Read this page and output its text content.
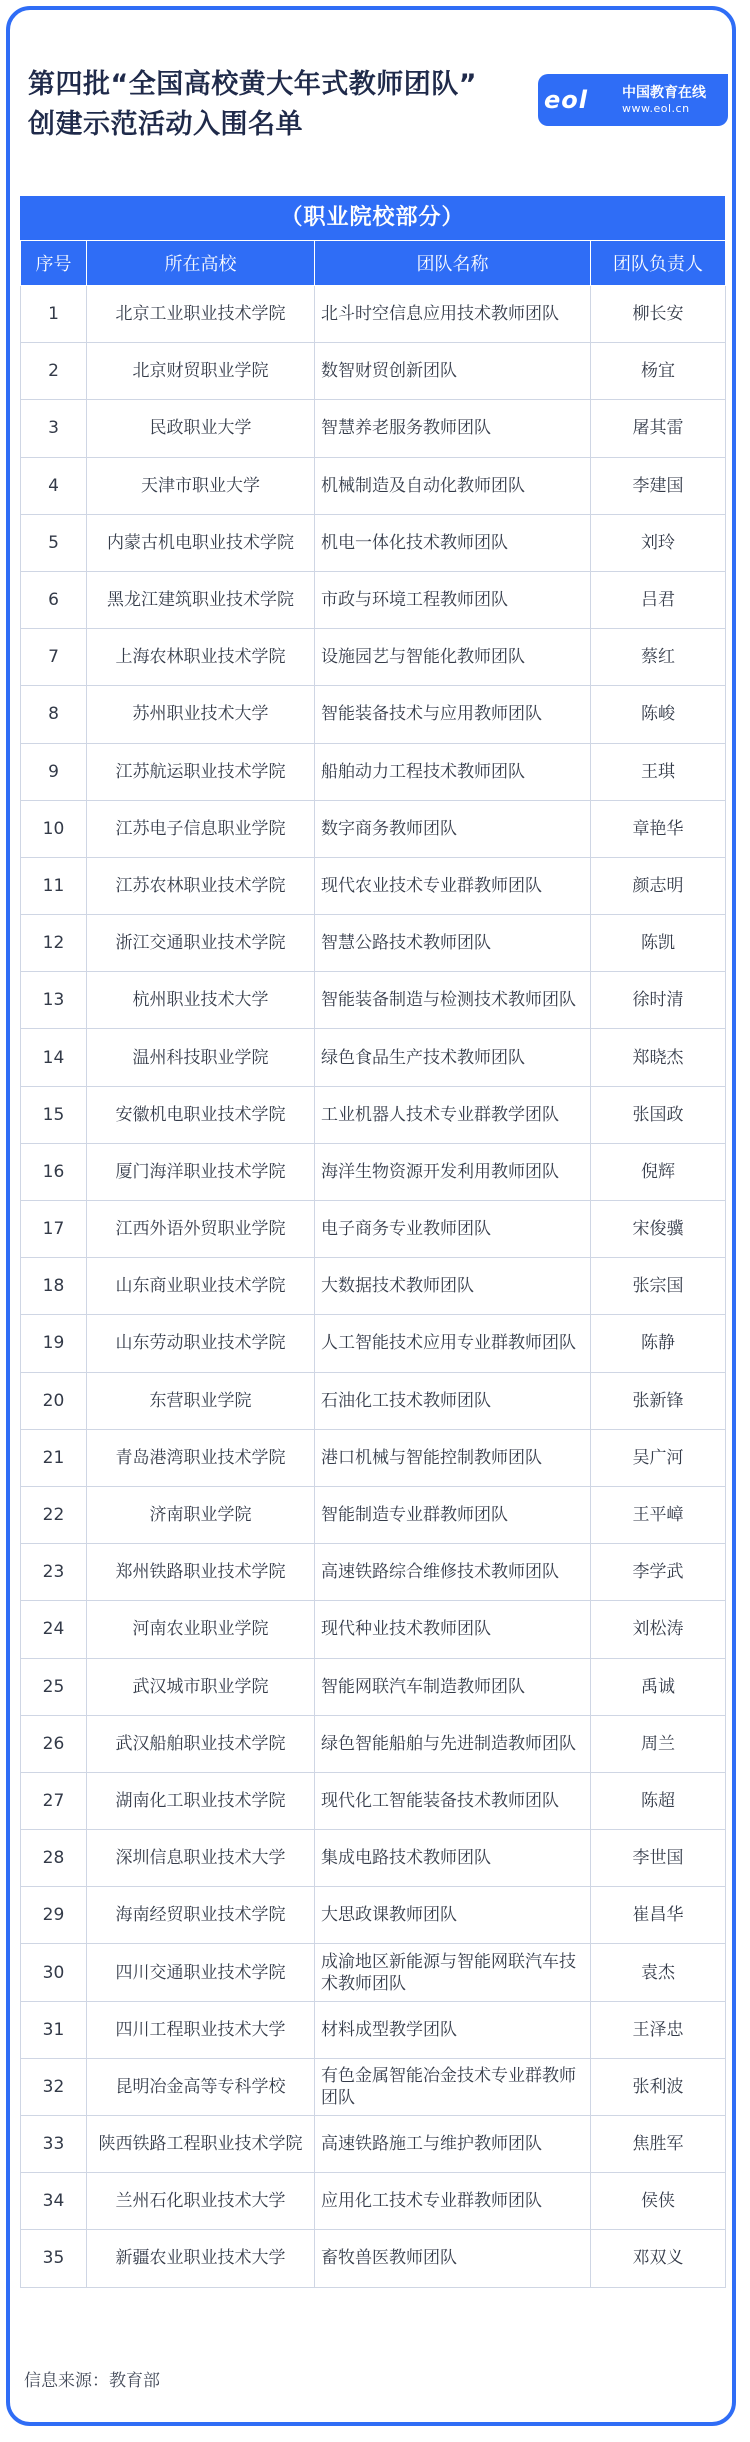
第四批“全国高校黄大年式教师团队”
创建示范活动入围名单
eol	中国教育在线
www.eol.cn
（职业院校部分）
序号	所在高校	团队名称	团队负责人
1	北京工业职业技术学院	北斗时空信息应用技术教师团队	柳长安
2	北京财贸职业学院	数智财贸创新团队	杨宜
3	民政职业大学	智慧养老服务教师团队	屠其雷
4	天津市职业大学	机械制造及自动化教师团队	李建国
5	内蒙古机电职业技术学院	机电一体化技术教师团队	刘玲
6	黑龙江建筑职业技术学院	市政与环境工程教师团队	吕君
7	上海农林职业技术学院	设施园艺与智能化教师团队	蔡红
8	苏州职业技术大学	智能装备技术与应用教师团队	陈峻
9	江苏航运职业技术学院	船舶动力工程技术教师团队	王琪
10	江苏电子信息职业学院	数字商务教师团队	章艳华
11	江苏农林职业技术学院	现代农业技术专业群教师团队	颜志明
12	浙江交通职业技术学院	智慧公路技术教师团队	陈凯
13	杭州职业技术大学	智能装备制造与检测技术教师团队	徐时清
14	温州科技职业学院	绿色食品生产技术教师团队	郑晓杰
15	安徽机电职业技术学院	工业机器人技术专业群教学团队	张国政
16	厦门海洋职业技术学院	海洋生物资源开发利用教师团队	倪辉
17	江西外语外贸职业学院	电子商务专业教师团队	宋俊骥
18	山东商业职业技术学院	大数据技术教师团队	张宗国
19	山东劳动职业技术学院	人工智能技术应用专业群教师团队	陈静
20	东营职业学院	石油化工技术教师团队	张新锋
21	青岛港湾职业技术学院	港口机械与智能控制教师团队	吴广河
22	济南职业学院	智能制造专业群教师团队	王平嶂
23	郑州铁路职业技术学院	高速铁路综合维修技术教师团队	李学武
24	河南农业职业学院	现代种业技术教师团队	刘松涛
25	武汉城市职业学院	智能网联汽车制造教师团队	禹诚
26	武汉船舶职业技术学院	绿色智能船舶与先进制造教师团队	周兰
27	湖南化工职业技术学院	现代化工智能装备技术教师团队	陈超
28	深圳信息职业技术大学	集成电路技术教师团队	李世国
29	海南经贸职业技术学院	大思政课教师团队	崔昌华
30	四川交通职业技术学院	成渝地区新能源与智能网联汽车技术教师团队	袁杰
31	四川工程职业技术大学	材料成型教学团队	王泽忠
32	昆明冶金高等专科学校	有色金属智能冶金技术专业群教师团队	张利波
33	陕西铁路工程职业技术学院	高速铁路施工与维护教师团队	焦胜军
34	兰州石化职业技术大学	应用化工技术专业群教师团队	侯侠
35	新疆农业职业技术大学	畜牧兽医教师团队	邓双义
信息来源：教育部
